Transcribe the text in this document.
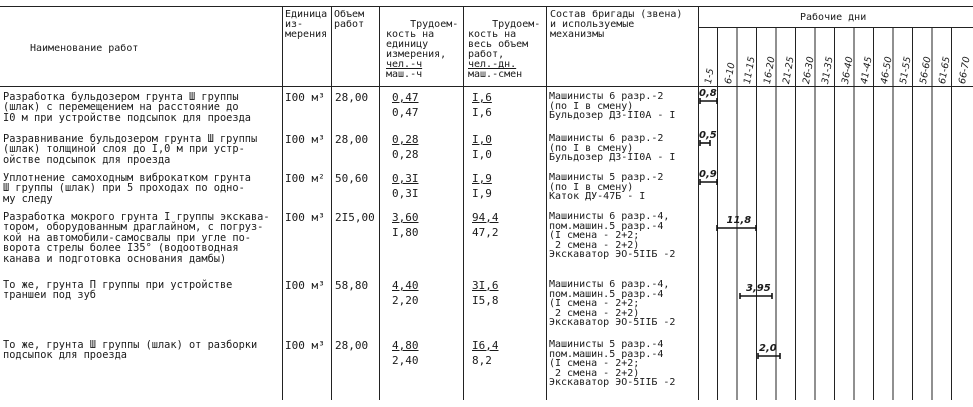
Наименование работ
Единица
из-
мерения
Объем
работ	Трудоем-
кость на
единицу
измерения,
чел.-ч
маш.-ч

Трудоем-
кость на
весь объем
работ,
чел.-дн.
маш.-смен

Состав бригады (звена)
и используемые
механизмы
Рабочие дни
1-5 6-10 11-15 16-20 21-25 26-30 31-35 36-40 41-45 46-50 51-55 56-60 61-65 66-70
Разработка бульдозером грунта Ш группы
(шлак) с перемещением на расстояние до
I0 м при устройстве подсыпок для проезда
I00 м³ 28,00 0,47
0,47
I,6
I,6
Машинисты 6 разр.-2
(по I в смену)
Бульдозер ДЗ-II0А - I
0,8
Разравнивание бульдозером грунта Ш группы
(шлак) толщиной слоя до I,0 м при устр-
ойстве подсыпок для проезда
I00 м³ 28,00 0,28
0,28
I,0
I,0
Машинисты 6 разр.-2
(по I в смену)
Бульдозер ДЗ-II0А - I
0,5
Уплотнение самоходным виброкатком грунта
Ш группы (шлак) при 5 проходах по одно-
му следу
I00 м² 50,60 0,3I
0,3I
I,9
I,9
Машинисты 5 разр.-2
(по I в смену)
Каток ДУ-47Б - I
0,9
Разработка мокрого грунта I группы экскава-
тором, оборудованным драглайном, с погруз-
кой на автомобили-самосвалы при угле по-
ворота стрелы более I35° (водоотводная
канава и подготовка основания дамбы)
I00 м³ 2I5,00 3,60
I,80
94,4
47,2
Машинисты 6 разр.-4,
пом.машин.5 разр.-4
(I смена - 2+2;
2 смена - 2+2)
Экскаватор ЭО-5IIБ -2
11,8
То же, грунта П группы при устройстве
траншеи под зуб
I00 м³ 58,80 4,40
2,20
3I,6
I5,8
Машинисты 6 разр.-4,
пом.машин.5 разр.-4
(I смена - 2+2;
2 смена - 2+2)
Экскаватор ЭО-5IIБ -2
3,95
То же, грунта Ш группы (шлак) от разборки
подсыпок для проезда
I00 м³ 28,00 4,80
2,40
I6,4
8,2
Машинисты 5 разр.-4
пом.машин.5 разр.-4
(I смена - 2+2;
2 смена - 2+2)
Экскаватор ЭО-5IIБ -2
2,0
